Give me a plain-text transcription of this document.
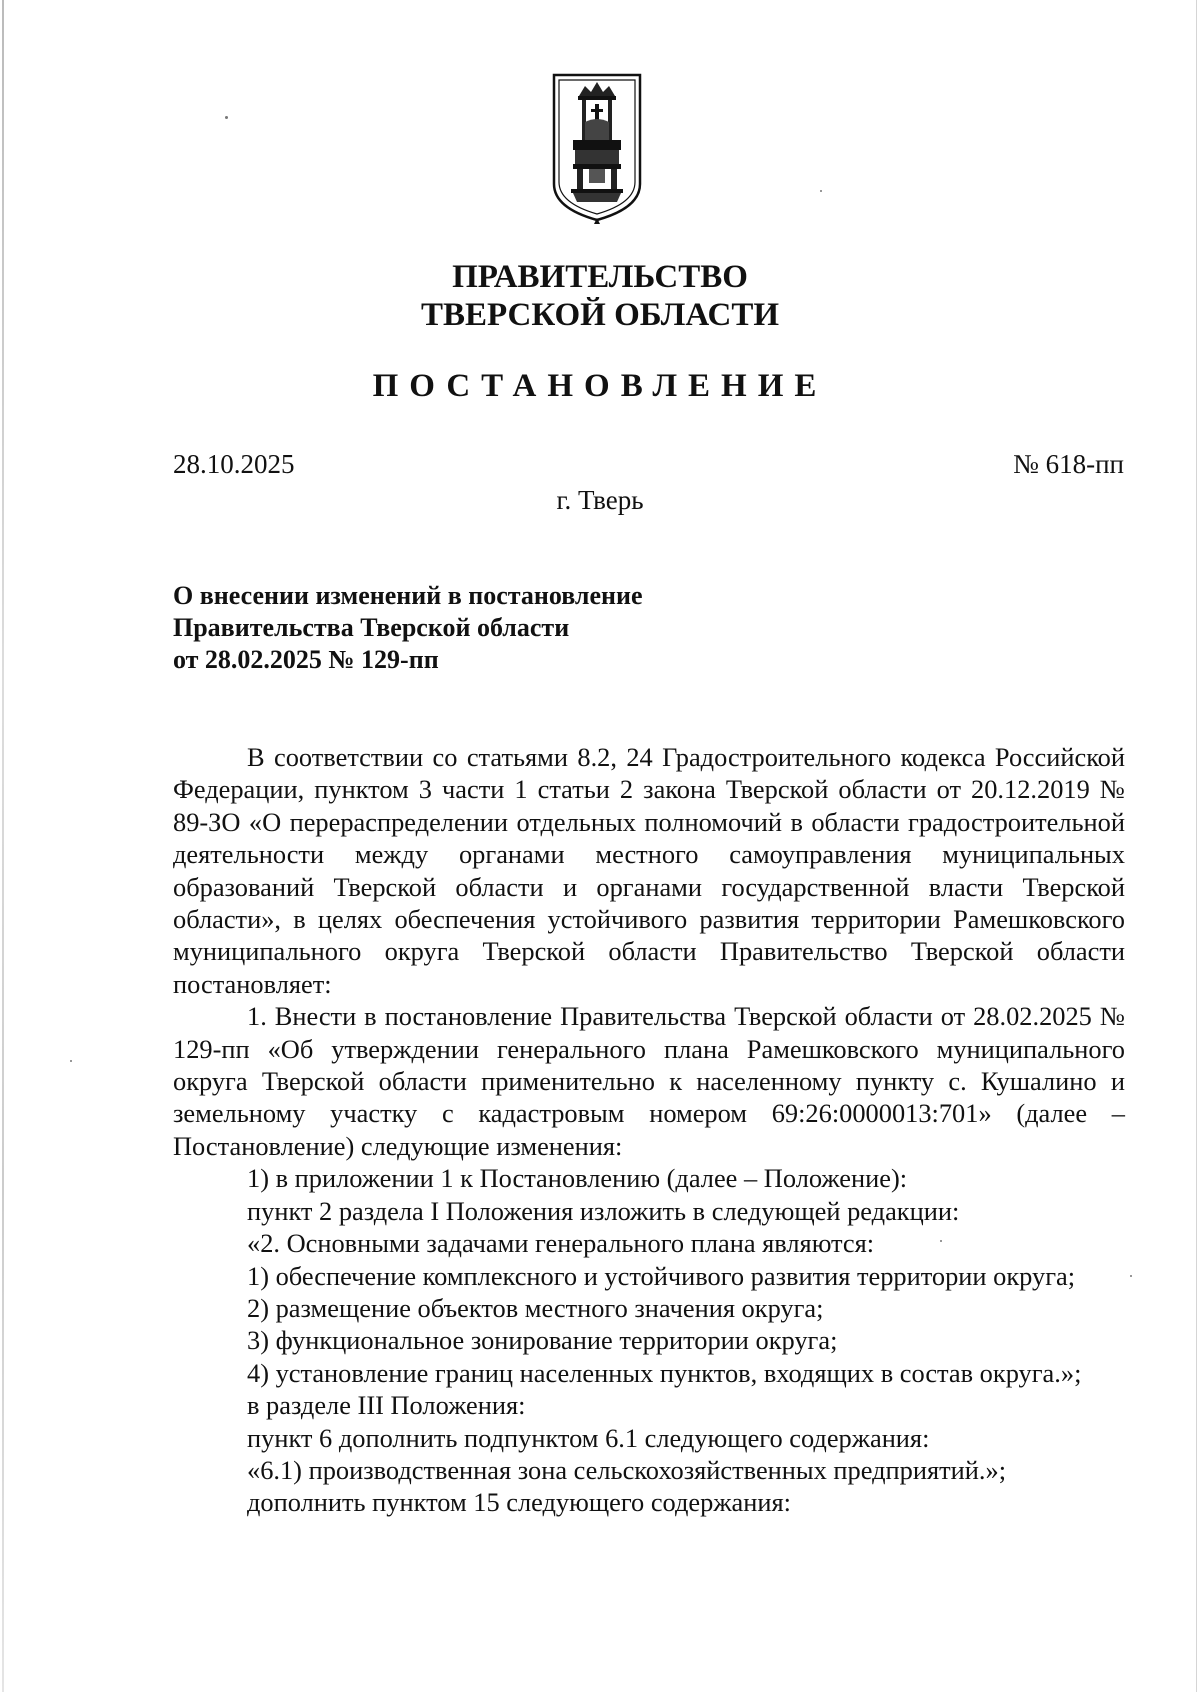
ПРАВИТЕЛЬСТВО
ТВЕРСКОЙ ОБЛАСТИ
ПОСТАНОВЛЕНИЕ
28.10.2025	№ 618-пп
г. Тверь
О внесении изменений в постановление
Правительства Тверской области
от 28.02.2025 № 129-пп

В соответствии со статьями 8.2, 24 Градостроительного кодекса Российской Федерации, пунктом 3 части 1 статьи 2 закона Тверской области от 20.12.2019 № 89-ЗО «О перераспределении отдельных полномочий в области градостроительной деятельности между органами местного самоуправления муниципальных образований Тверской области и органами государственной власти Тверской области», в целях обеспечения устойчивого развития территории Рамешковского муниципального округа Тверской области Правительство Тверской области постановляет:

1. Внести в постановление Правительства Тверской области от 28.02.2025 № 129-пп «Об утверждении генерального плана Рамешковского муниципального округа Тверской области применительно к населенному пункту с. Кушалино и земельному участку с кадастровым номером 69:26:0000013:701» (далее – Постановление) следующие изменения:

1) в приложении 1 к Постановлению (далее – Положение):

пункт 2 раздела I Положения изложить в следующей редакции:

«2. Основными задачами генерального плана являются:

1) обеспечение комплексного и устойчивого развития территории округа;

2) размещение объектов местного значения округа;

3) функциональное зонирование территории округа;

4) установление границ населенных пунктов, входящих в состав округа.»;

в разделе III Положения:

пункт 6 дополнить подпунктом 6.1 следующего содержания:

«6.1) производственная зона сельскохозяйственных предприятий.»;

дополнить пунктом 15 следующего содержания:
